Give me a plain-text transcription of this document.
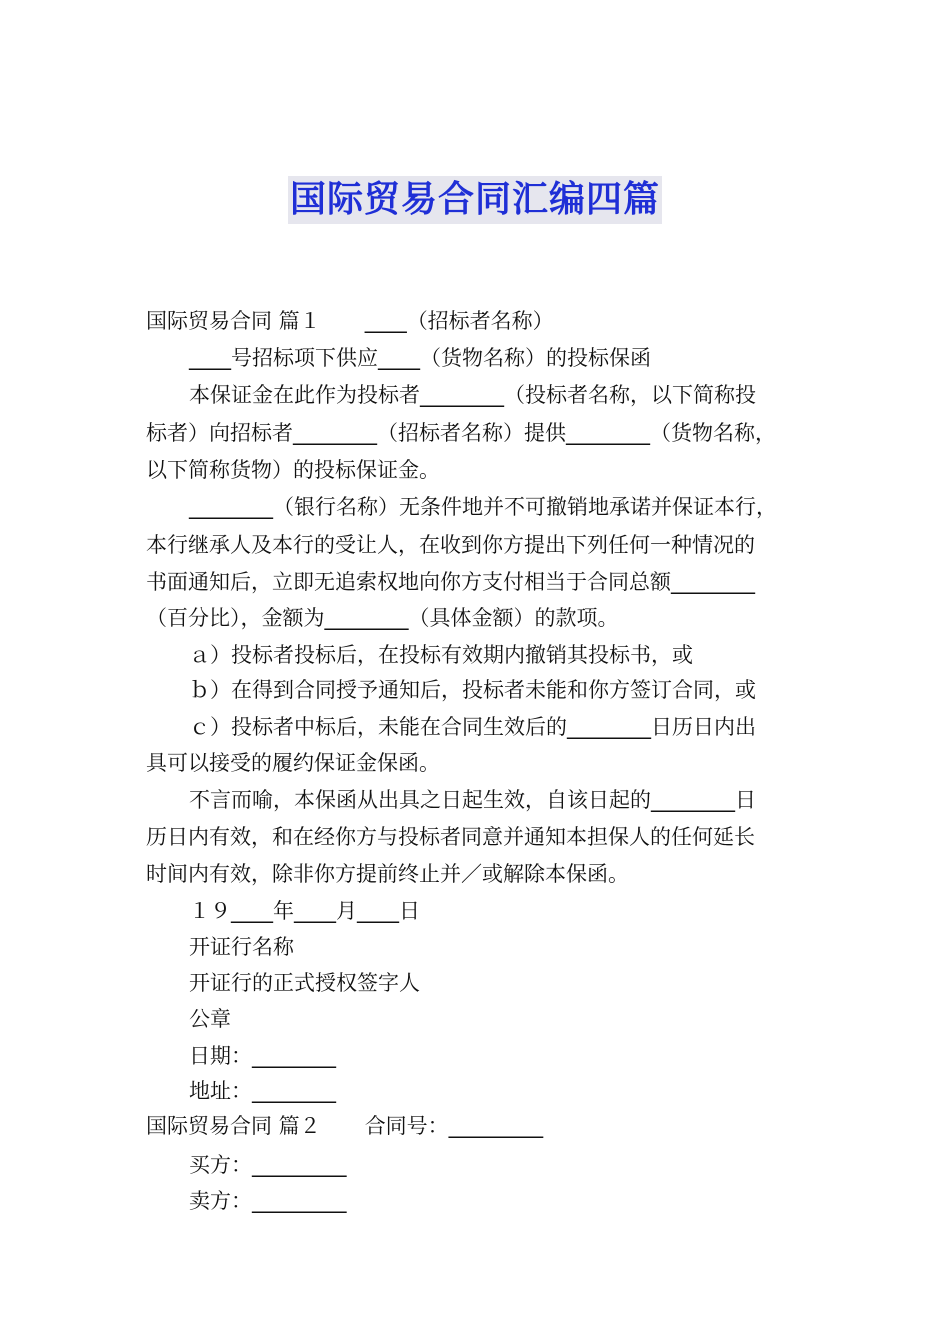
国际贸易合同汇编四篇
国际贸易合同 篇１ ____（招标者名称）
____号招标项下供应____（货物名称）的投标保函
本保证金在此作为投标者________（投标者名称，以下简称投
标者）向招标者________（招标者名称）提供________（货物名称，
以下简称货物）的投标保证金。
________（银行名称）无条件地并不可撤销地承诺并保证本行，
本行继承人及本行的受让人，在收到你方提出下列任何一种情况的
书面通知后，立即无追索权地向你方支付相当于合同总额________
（百分比），金额为________（具体金额）的款项。
ａ）投标者投标后，在投标有效期内撤销其投标书，或
ｂ）在得到合同授予通知后，投标者未能和你方签订合同，或
ｃ）投标者中标后，未能在合同生效后的________日历日内出
具可以接受的履约保证金保函。
不言而喻，本保函从出具之日起生效，自该日起的________日
历日内有效，和在经你方与投标者同意并通知本担保人的任何延长
时间内有效，除非你方提前终止并／或解除本保函。
１９____年____月____日
开证行名称
开证行的正式授权签字人
公章
日期：________
地址：________
国际贸易合同 篇２ 合同号：_________
买方：_________
卖方：_________
